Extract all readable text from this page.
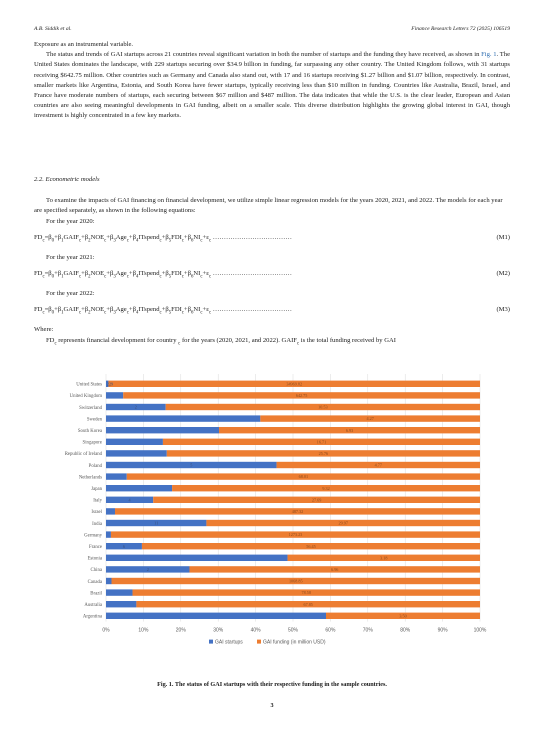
A.B. Siddik et al.	Finance Research Letters 72 (2025) 106519

Exposure as an instrumental variable.

The status and trends of GAI startups across 21 countries reveal significant variation in both the number of startups and the funding they have received, as shown in Fig. 1. The United States dominates the landscape, with 229 startups securing over $34.9 billion in funding, far surpassing any other country. The United Kingdom follows, with 31 startups receiving $642.75 million. Other countries such as Germany and Canada also stand out, with 17 and 16 startups receiving $1.27 billion and $1.07 billion, respectively. In contrast, smaller markets like Argentina, Estonia, and South Korea have fewer startups, typically receiving less than $10 million in funding. Countries like Australia, Brazil, Israel, and France have moderate numbers of startups, each securing between $67 million and $487 million. The data indicates that while the U.S. is the clear leader, European and Asian countries are also seeing meaningful developments in GAI funding, albeit on a smaller scale. This diverse distribution highlights the growing global interest in GAI, though investment is highly concentrated in a few key markets.

2.2. Econometric models

To examine the impacts of GAI financing on financial development, we utilize simple linear regression models for the years 2020, 2021, and 2022. The models for each year are specified separately, as shown in the following equations:

For the year 2020:
$FD_c=\beta_0+\beta_1GAIF_c+\beta_2NOE_c+\beta_3Age_c+\beta_4ITspend_c+\beta_5FDI_c+\beta_6NI_c+\varepsilon_c$ ………………………………	(M1)
For the year 2021:
$FD_c=\beta_0+\beta_1GAIF_c+\beta_2NOE_c+\beta_3Age_c+\beta_4ITspend_c+\beta_5FDI_c+\beta_6NI_c+\varepsilon_c$ ………………………………	(M2)
For the year 2022:
$FD_c=\beta_0+\beta_1GAIF_c+\beta_2NOE_c+\beta_3Age_c+\beta_4ITspend_c+\beta_5FDI_c+\beta_6NI_c+\varepsilon_c$ ………………………………	(M3)
Where:
$FD_c$ represents financial development for country $_c$ for the years (2020, 2021, and 2022). $GAIF_c$ is the total funding received by GAI
0%	10%	20%	30%	40%	50%	60%	70%	80%	90%	100%
United States 229	34969.82
United Kingdom	642.75
Switzerland	2	10.53
Sweden	4.27
South Korea	6.93
Singapore	16.71
Republic of Ireland	25.76
Poland	5	4.77
Netherlands	68.01
Japan	9.32
Italy	4	27.69
Israel	487.32
India	11	29.97
Germany	1273.23
France	6	56.45
Estonia	3.18
China	2	6.96
Canada	1068.85
Brazil	78.58
Australia	67.85
Argentina	3.50
GAI startups	GAI funding (in million USD)
Fig. 1. The status of GAI startups with their respective funding in the sample countries.
3
